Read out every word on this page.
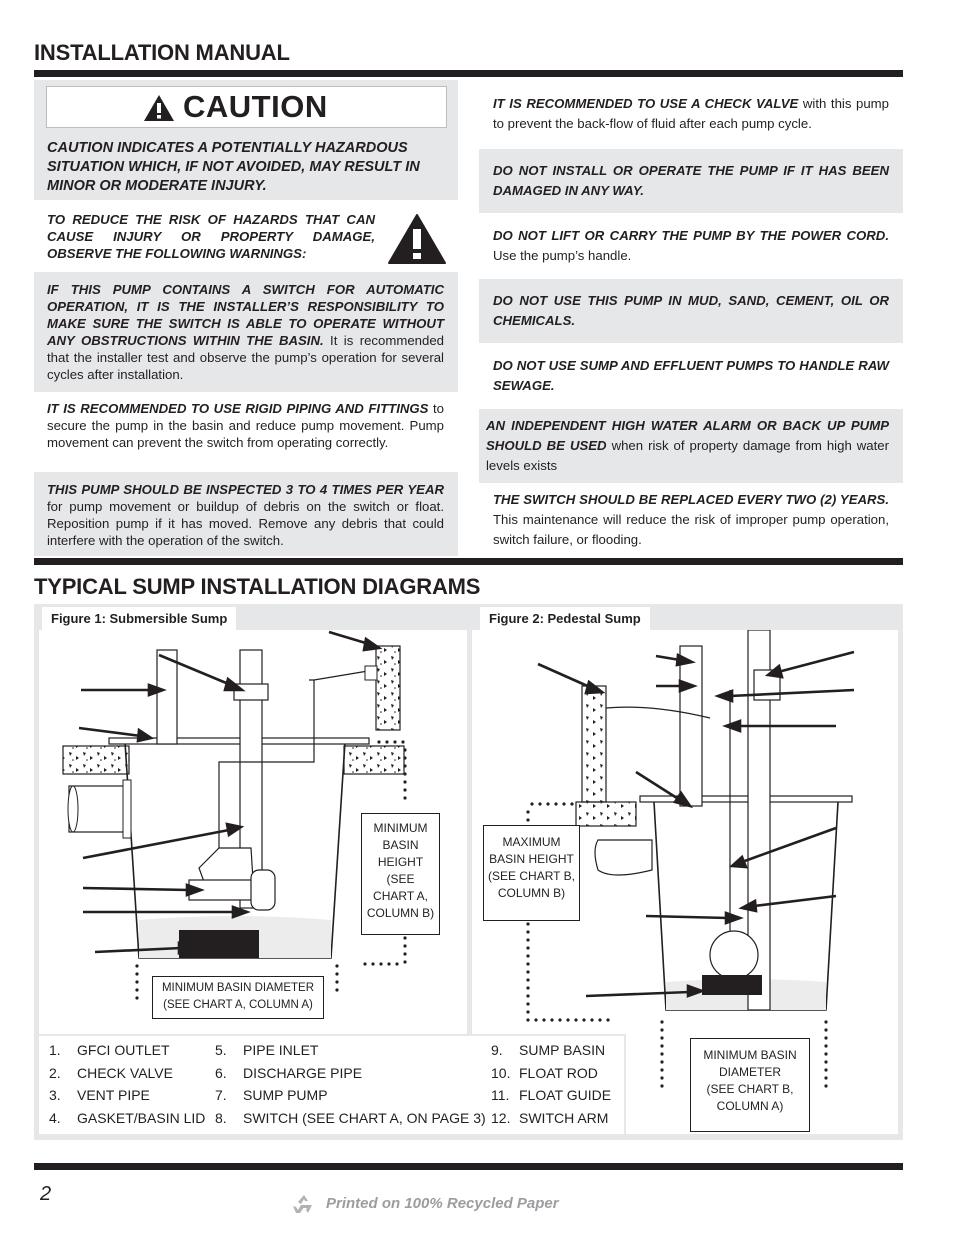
INSTALLATION MANUAL
CAUTION
CAUTION INDICATES A POTENTIALLY HAZARDOUS SITUATION WHICH, IF NOT AVOIDED, MAY RESULT IN MINOR OR MODERATE INJURY.
TO REDUCE THE RISK OF HAZARDS THAT CAN CAUSE INJURY OR PROPERTY DAMAGE, OBSERVE THE FOLLOWING WARNINGS:
IF THIS PUMP CONTAINS A SWITCH FOR AUTOMATIC OPERATION, IT IS THE INSTALLER’S RESPONSIBILITY TO MAKE SURE THE SWITCH IS ABLE TO OPERATE WITHOUT ANY OBSTRUCTIONS WITHIN THE BASIN. It is recommended that the installer test and observe the pump’s operation for several cycles after installation.
IT IS RECOMMENDED TO USE RIGID PIPING AND FITTINGS to secure the pump in the basin and reduce pump movement. Pump movement can prevent the switch from operating correctly.
THIS PUMP SHOULD BE INSPECTED 3 TO 4 TIMES PER YEAR for pump movement or buildup of debris on the switch or float. Reposition pump if it has moved. Remove any debris that could interfere with the operation of the switch.
IT IS RECOMMENDED TO USE A CHECK VALVE with this pump to prevent the back-flow of fluid after each pump cycle.
DO NOT INSTALL OR OPERATE THE PUMP IF IT HAS BEEN DAMAGED IN ANY WAY.
DO NOT LIFT OR CARRY THE PUMP BY THE POWER CORD. Use the pump’s handle.
DO NOT USE THIS PUMP IN MUD, SAND, CEMENT, OIL OR CHEMICALS.
DO NOT USE SUMP AND EFFLUENT PUMPS TO HANDLE RAW SEWAGE.
AN INDEPENDENT HIGH WATER ALARM OR BACK UP PUMP SHOULD BE USED when risk of property damage from high water levels exists
THE SWITCH SHOULD BE REPLACED EVERY TWO (2) YEARS. This maintenance will reduce the risk of improper pump operation, switch failure, or flooding.
TYPICAL SUMP INSTALLATION DIAGRAMS
Figure 1: Submersible Sump	Figure 2: Pedestal Sump
MINIMUM
BASIN
HEIGHT
(SEE
CHART A,
COLUMN B)
MINIMUM BASIN DIAMETER
(SEE CHART A, COLUMN A)
MAXIMUM
BASIN HEIGHT
(SEE CHART B,
COLUMN B)
MINIMUM BASIN
DIAMETER
(SEE CHART B,
COLUMN A)
1. GFCI OUTLET
2. CHECK VALVE
3. VENT PIPE
4. GASKET/BASIN LID
5. PIPE INLET
6. DISCHARGE PIPE
7. SUMP PUMP
8. SWITCH (SEE CHART A, ON PAGE 3)
9. SUMP BASIN
10. FLOAT ROD
11. FLOAT GUIDE
12. SWITCH ARM
2	Printed on 100% Recycled Paper
